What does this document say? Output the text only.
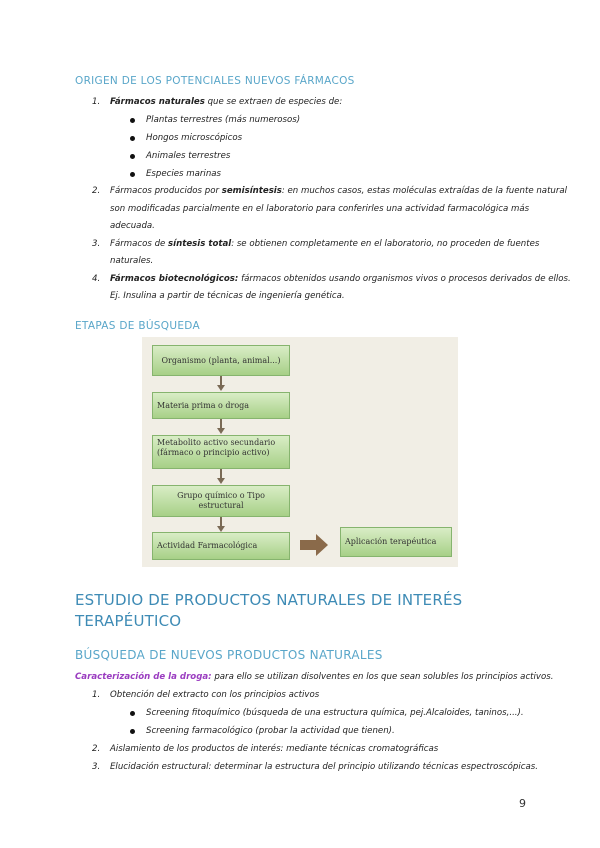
ORIGEN DE LOS POTENCIALES NUEVOS FÁRMACOS
1. Fármacos naturales que se extraen de especies de:
Plantas terrestres (más numerosos)
Hongos microscópicos
Animales terrestres
Especies marinas
2. Fármacos producidos por semisíntesis: en muchos casos, estas moléculas extraídas de la fuente natural
son modificadas parcialmente en el laboratorio para conferirles una actividad farmacológica más
adecuada.
3. Fármacos de síntesis total: se obtienen completamente en el laboratorio, no proceden de fuentes
naturales.
4. Fármacos biotecnológicos: fármacos obtenidos usando organismos vivos o procesos derivados de ellos.
Ej. Insulina a partir de técnicas de ingeniería genética.
ETAPAS DE BÚSQUEDA
Organismo (planta, animal...)
Materia prima o droga
Metabolito activo secundario
(fármaco o principio activo)
Grupo químico o Tipo
estructural
Actividad Farmacológica	Aplicación terapéutica
ESTUDIO DE PRODUCTOS NATURALES DE INTERÉS
TERAPÉUTICO
BÚSQUEDA DE NUEVOS PRODUCTOS NATURALES
Caracterización de la droga: para ello se utilizan disolventes en los que sean solubles los principios activos.
1. Obtención del extracto con los principios activos
Screening fitoquímico (búsqueda de una estructura química, pej.Alcaloides, taninos,...).
Screening farmacológico (probar la actividad que tienen).
2. Aislamiento de los productos de interés: mediante técnicas cromatográficas
3. Elucidación estructural: determinar la estructura del principio utilizando técnicas espectroscópicas.
9
